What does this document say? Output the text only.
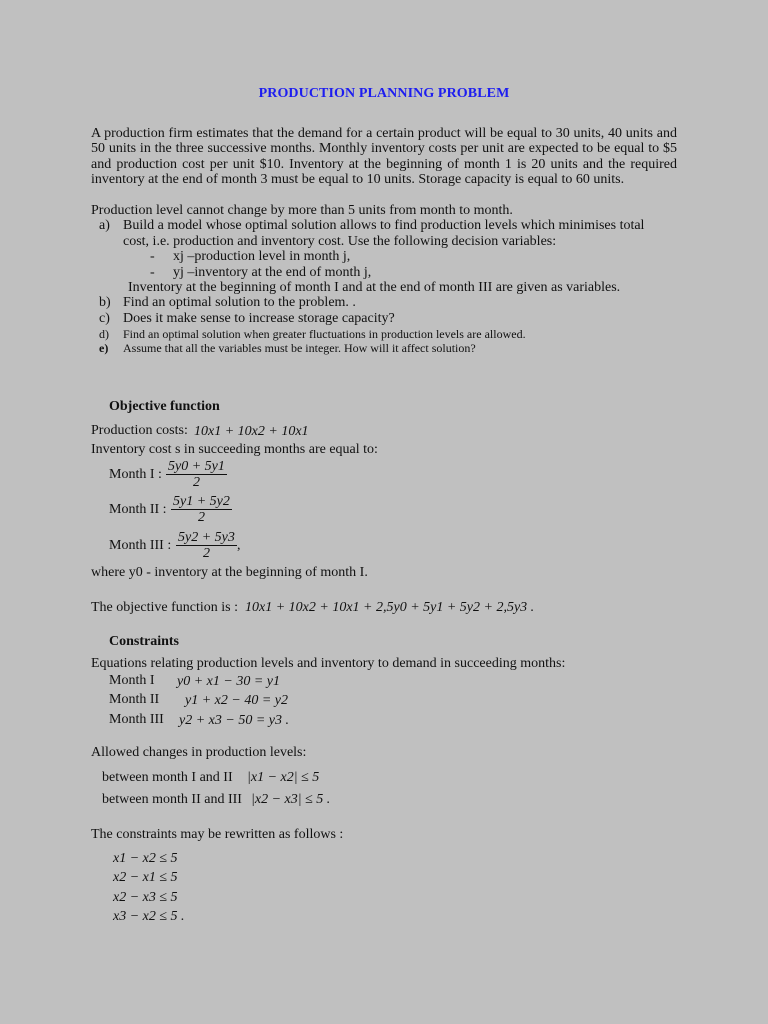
PRODUCTION PLANNING PROBLEM
A production firm estimates that the demand for a certain product will be equal to 30 units, 40 units and 50 units in the three successive months. Monthly inventory costs per unit are expected to be equal to $5 and production cost per unit $10. Inventory at the beginning of month 1 is 20 units and the required inventory at the end of month 3 must be equal to 10 units. Storage capacity is equal to 60 units.
Production level cannot change by more than 5 units from month to month.
a) Build a model whose optimal solution allows to find production levels which minimises total
cost, i.e. production and inventory cost. Use the following decision variables:
- xj –production level in month j,
- yj –inventory at the end of month j,
Inventory at the beginning of month I and at the end of month III are given as variables.
b) Find an optimal solution to the problem. .
c) Does it make sense to increase storage capacity?
d) Find an optimal solution when greater fluctuations in production levels are allowed.
e) Assume that all the variables must be integer. How will it affect solution?
Objective function
Production costs: 10x1 + 10x2 + 10x1
Inventory cost s in succeeding months are equal to:
Month I : $\frac{5y0 + 5y1}{2}$
Month II : $\frac{5y1 + 5y2}{2}$
Month III : $\frac{5y2 + 5y3}{2}$ ,
where y0 - inventory at the beginning of month I.
The objective function is : 10x1 + 10x2 + 10x1 + 2,5y0 + 5y1 + 5y2 + 2,5y3 .
Constraints
Equations relating production levels and inventory to demand in succeeding months:
Month I y0 + x1 − 30 = y1
Month II y1 + x2 − 40 = y2
Month III y2 + x3 − 50 = y3 .
Allowed changes in production levels:
between month I and II |x1 − x2| ≤ 5
between month II and III |x2 − x3| ≤ 5 .
The constraints may be rewritten as follows :
x1 − x2 ≤ 5
x2 − x1 ≤ 5
x2 − x3 ≤ 5
x3 − x2 ≤ 5 .
